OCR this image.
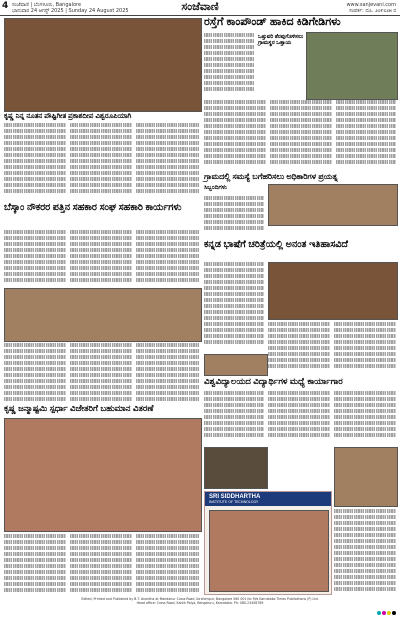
4 ಸಂಜೆವಾಣಿ | ಬೆಂಗಳೂರು, Bangalore
ಭಾನುವಾರ 24 ಆಗಸ್ಟ್ 2025 | Sunday 24 August 2025	ಸಂಜೆವಾಣಿ	www.sanjevani.com
ಸಂಪರ್ಕ: ದೂ. ೨೦೯೮೨೫ ರ
ರಸ್ತೆಗೆ ಕಾಂಪೌಂಡ್ ಹಾಕಿದ ಕಿಡಿಗೇಡಿಗಳು
ಒತ್ತುವರಿ ತೆರವುಗೊಳಿಸಲು ಗ್ರಾಮಸ್ಥರ ಒತ್ತಾಯ
ಕೃಷ್ಣ ನಿನ್ನ ನೂತನ ಪೌಷ್ಟಿಗೀತ ಪ್ರಕಾಶದೀಪ ವಿಶ್ವರೂಪಿಯಾಗಿ
ಗ್ರಾಮದಲ್ಲಿ ಸಮಸ್ಯೆ ಬಗೆಹರಿಸಲು ಅಧಿಕಾರಿಗಳ ಪ್ರಯತ್ನ
ಸಿಬ್ಬಂದಿಗಳು
ಬೆಸ್ಕಾಂ ನೌಕರರ ಪತ್ತಿನ ಸಹಕಾರ ಸಂಘ ಸಹಕಾರಿ ಕಾರ್ಯಗಳು
ಕನ್ನಡ ಭಾಷೆಗೆ ಚರಿತ್ರೆಯಲ್ಲಿ ಅನಂತ ಇತಿಹಾಸವಿದೆ
ವಿಶ್ವವಿದ್ಯಾಲಯದ ವಿದ್ಯಾರ್ಥಿಗಳ ಮಧ್ಯೆ ಕಾರ್ಯಾಗಾರ
ಕೃಷ್ಣ ಜನ್ಮಾಷ್ಟಮಿ ಸ್ಪರ್ಧಾ ವಿಜೇತರಿಗೆ ಬಹುಮಾನ ವಿತರಣೆ
SRI SIDDHARTHA
INSTITUTE OF TECHNOLOGY
Edited, Printed and Published by B.T. Anantha at Mandanur Cross Road, Ibrahimpur, Bangalore 560 001 for M/s Karnataka Times Publications (P) Ltd.
Head office: Cross Road, Kanth Palya, Bengaluru, Karnataka. Ph: 080-23456789
